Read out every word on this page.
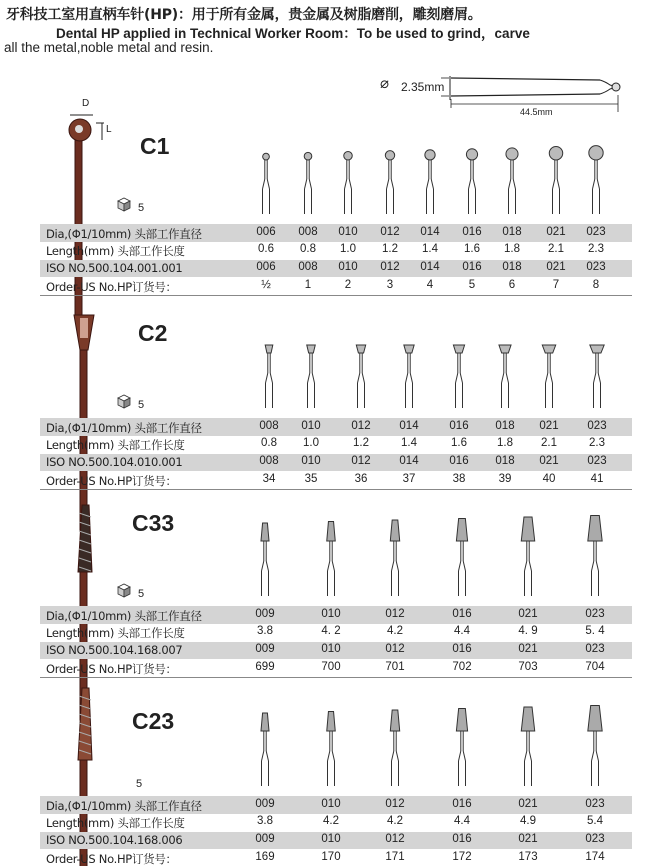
牙科技工室用直柄车针(HP)：用于所有金属，贵金属及树脂磨削，雕刻磨屑。
Dental HP applied in Technical Worker Room：To be used to grind，carve
all the metal,noble metal and resin.
⌀ 2.35mm
44.5mm
D
L
C1
5
Dia,(Φ1/10mm) 头部工作直径	006	008	010	012	014	016	018	021	023
Length(mm) 头部工作长度	0.6	0.8	1.0	1.2	1.4	1.6	1.8	2.1	2.3
ISO NO.500.104.001.001	006	008	010	012	014	016	018	021	023
Order-US No.HP订货号：	½	1	2	3	4	5	6	7	8
C2
5
Dia,(Φ1/10mm) 头部工作直径	008	010	012	014	016	018	021	023
Length(mm) 头部工作长度	0.8	1.0	1.2	1.4	1.6	1.8	2.1	2.3
ISO NO.500.104.010.001	008	010	012	014	016	018	021	023
Order-US No.HP订货号：	34	35	36	37	38	39	40	41
C33
5
Dia,(Φ1/10mm) 头部工作直径	009	010	012	016	021	023
Length(mm) 头部工作长度	3.8	4. 2	4.2	4.4	4. 9	5. 4
ISO NO.500.104.168.007	009	010	012	016	021	023
Order-US No.HP订货号：	699	700	701	702	703	704
C23
5
Dia,(Φ1/10mm) 头部工作直径	009	010	012	016	021	023
Length(mm) 头部工作长度	3.8	4.2	4.2	4.4	4.9	5.4
ISO NO.500.104.168.006	009	010	012	016	021	023
Order-US No.HP订货号：	169	170	171	172	173	174
